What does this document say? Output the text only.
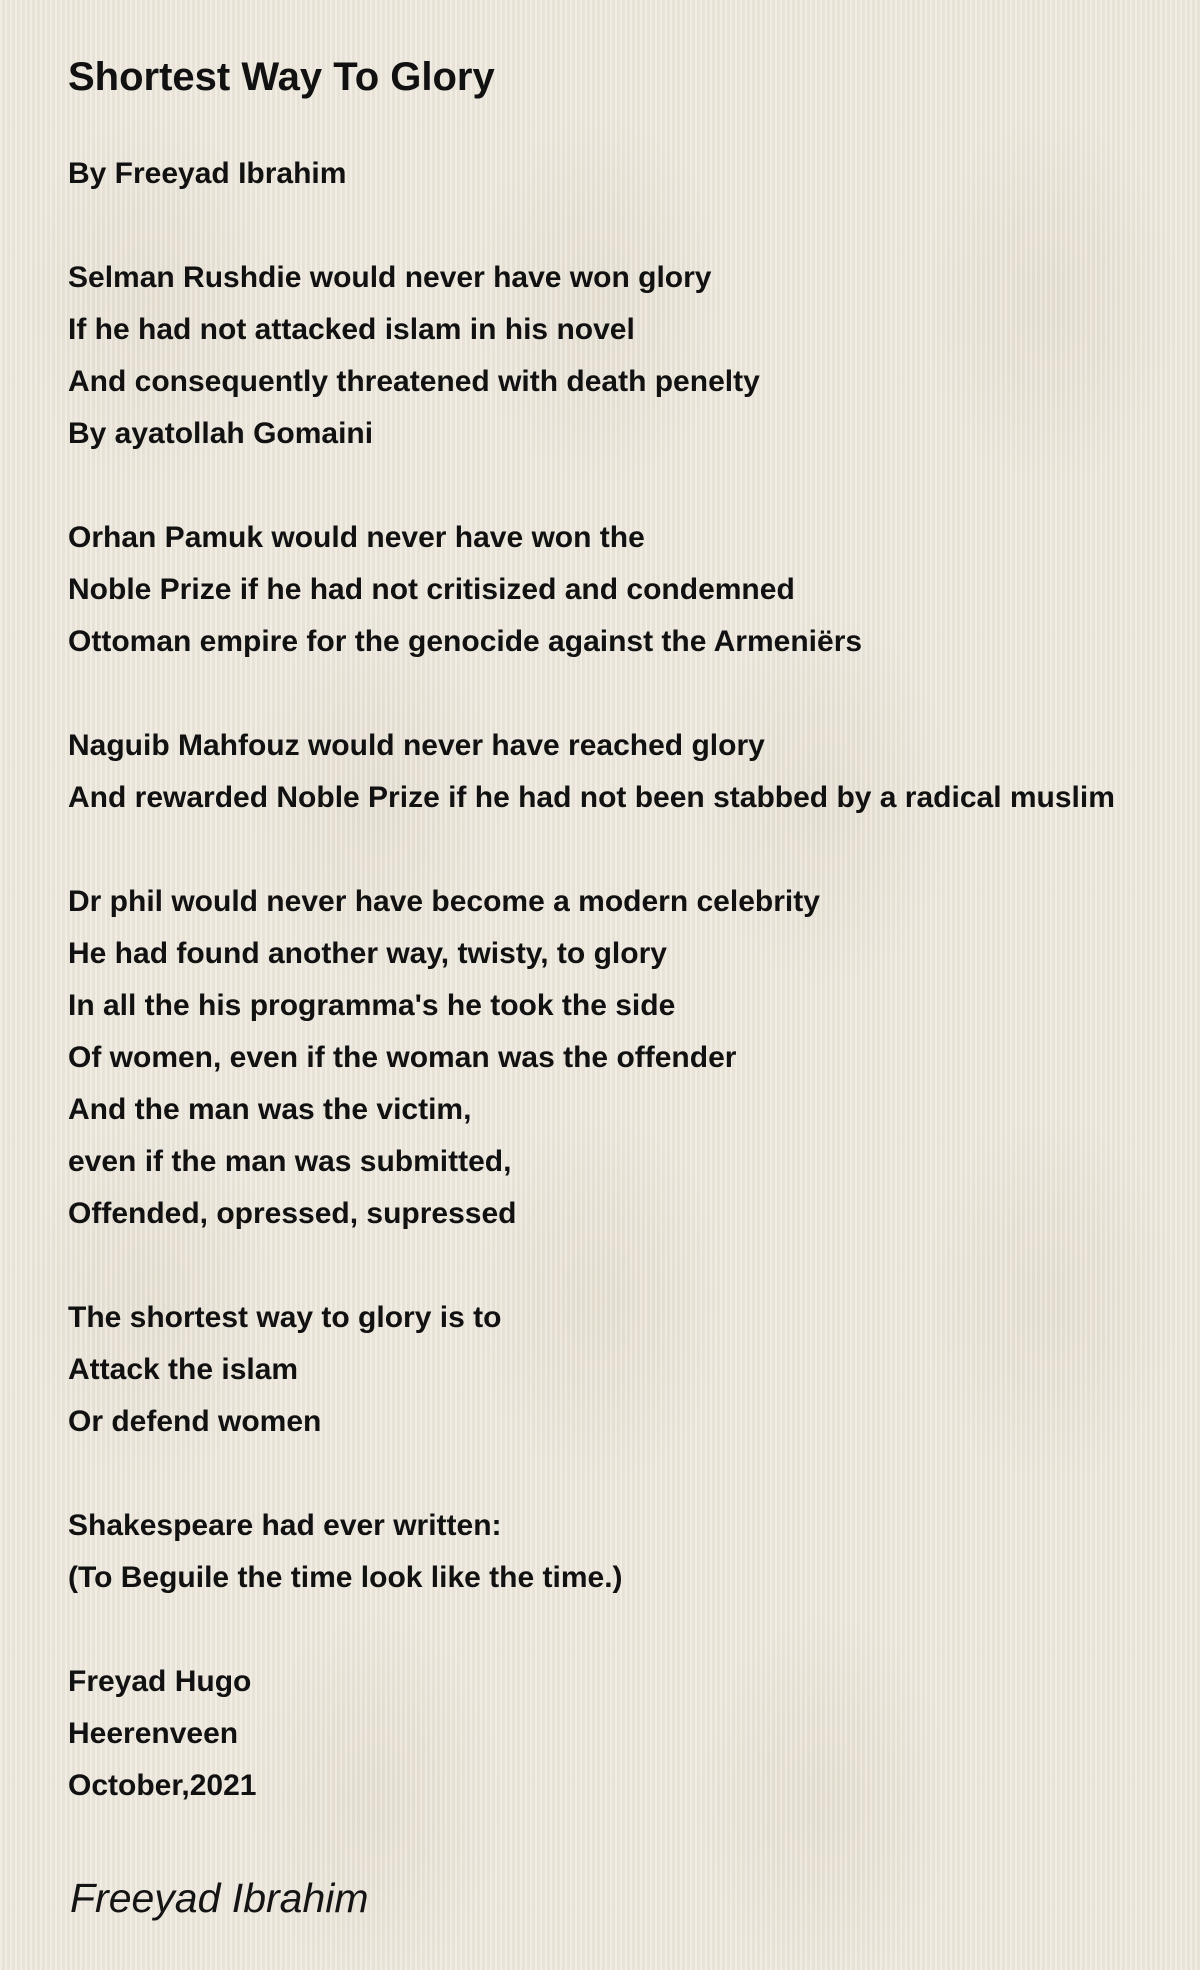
Shortest Way To Glory
By Freeyad Ibrahim
Selman Rushdie would never have won glory
If he had not attacked islam in his novel
And consequently threatened with death penelty
By ayatollah Gomaini
Orhan Pamuk would never have won the
Noble Prize if he had not critisized and condemned
Ottoman empire for the genocide against the Armeniërs
Naguib Mahfouz would never have reached glory
And rewarded Noble Prize if he had not been stabbed by a radical muslim
Dr phil would never have become a modern celebrity
He had found another way, twisty, to glory
In all the his programma's he took the side
Of women, even if the woman was the offender
And the man was the victim,
even if the man was submitted,
Offended, opressed, supressed
The shortest way to glory is to
Attack the islam
Or defend women
Shakespeare had ever written:
(To Beguile the time look like the time.)
Freyad Hugo
Heerenveen
October,2021
Freeyad Ibrahim
